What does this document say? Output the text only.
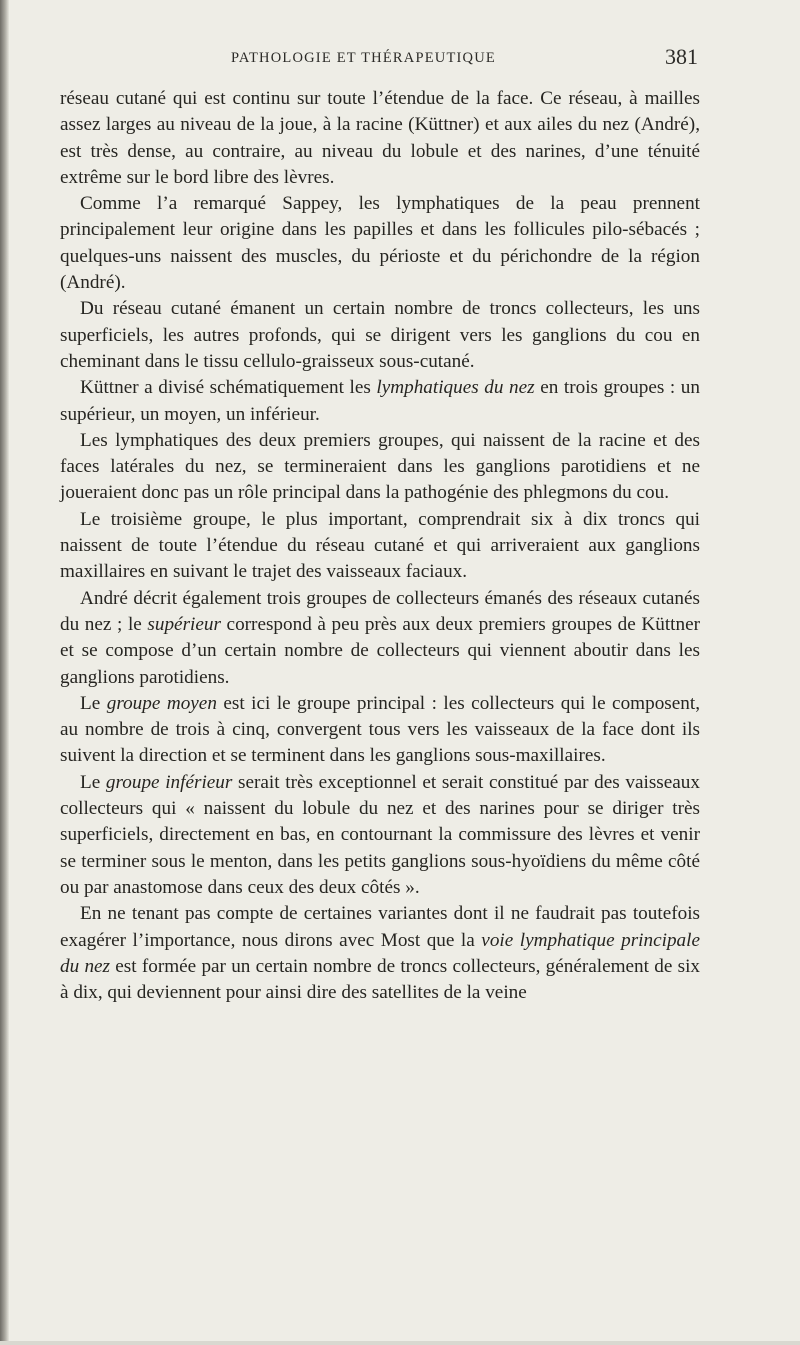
PATHOLOGIE ET THÉRAPEUTIQUE	381

réseau cutané qui est continu sur toute l’étendue de la face. Ce réseau, à mailles assez larges au niveau de la joue, à la racine (Küttner) et aux ailes du nez (André), est très dense, au contraire, au niveau du lobule et des narines, d’une ténuité extrême sur le bord libre des lèvres.

Comme l’a remarqué Sappey, les lymphatiques de la peau prennent principalement leur origine dans les papilles et dans les follicules pilo-sébacés ; quelques-uns naissent des muscles, du périoste et du périchondre de la région (André).

Du réseau cutané émanent un certain nombre de troncs collecteurs, les uns superficiels, les autres profonds, qui se dirigent vers les ganglions du cou en cheminant dans le tissu cellulo-graisseux sous-cutané.

Küttner a divisé schématiquement les lymphatiques du nez en trois groupes : un supérieur, un moyen, un inférieur.

Les lymphatiques des deux premiers groupes, qui naissent de la racine et des faces latérales du nez, se termineraient dans les ganglions parotidiens et ne joueraient donc pas un rôle principal dans la pathogénie des phlegmons du cou.

Le troisième groupe, le plus important, comprendrait six à dix troncs qui naissent de toute l’étendue du réseau cutané et qui arriveraient aux ganglions maxillaires en suivant le trajet des vaisseaux faciaux.

André décrit également trois groupes de collecteurs émanés des réseaux cutanés du nez ; le supérieur correspond à peu près aux deux premiers groupes de Küttner et se compose d’un certain nombre de collecteurs qui viennent aboutir dans les ganglions parotidiens.

Le groupe moyen est ici le groupe principal : les collecteurs qui le composent, au nombre de trois à cinq, convergent tous vers les vaisseaux de la face dont ils suivent la direction et se terminent dans les ganglions sous-maxillaires.

Le groupe inférieur serait très exceptionnel et serait constitué par des vaisseaux collecteurs qui « naissent du lobule du nez et des narines pour se diriger très superficiels, directement en bas, en contournant la commissure des lèvres et venir se terminer sous le menton, dans les petits ganglions sous-hyoïdiens du même côté ou par anastomose dans ceux des deux côtés ».

En ne tenant pas compte de certaines variantes dont il ne faudrait pas toutefois exagérer l’importance, nous dirons avec Most que la voie lymphatique principale du nez est formée par un certain nombre de troncs collecteurs, généralement de six à dix, qui deviennent pour ainsi dire des satellites de la veine
